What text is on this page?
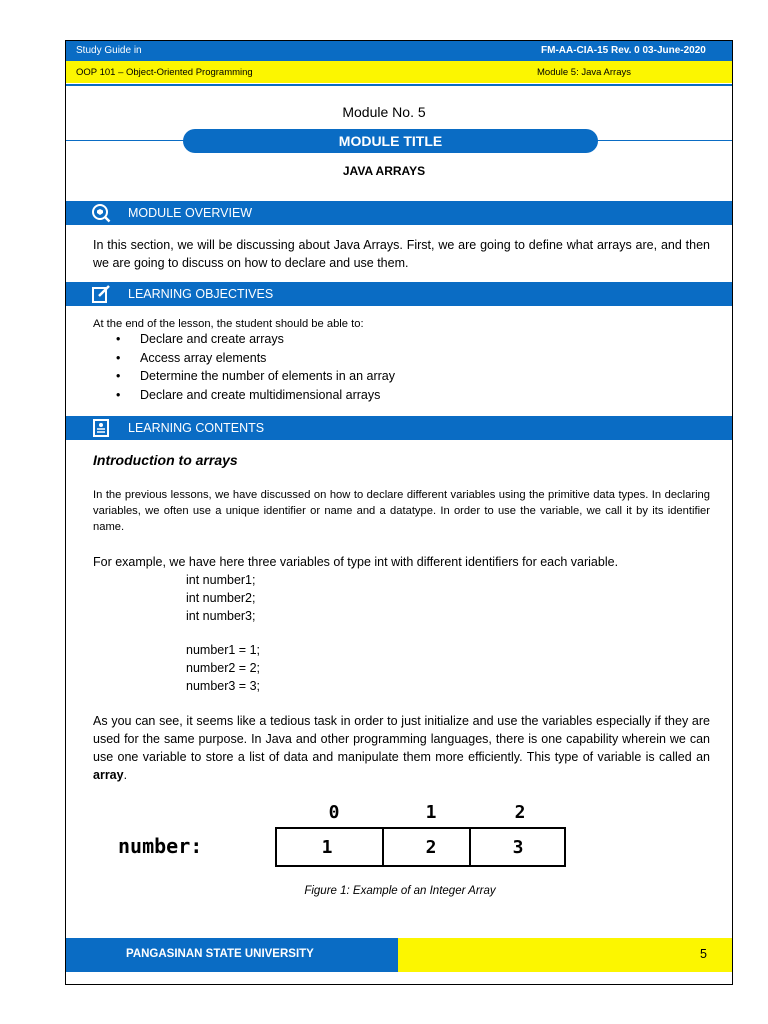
Study Guide in	FM-AA-CIA-15 Rev. 0 03-June-2020
OOP 101 – Object-Oriented Programming	Module 5: Java Arrays
Module No. 5
MODULE TITLE
JAVA ARRAYS
MODULE OVERVIEW
In this section, we will be discussing about Java Arrays. First, we are going to define what arrays are, and then we are going to discuss on how to declare and use them.
LEARNING OBJECTIVES
At the end of the lesson, the student should be able to:
• Declare and create arrays
• Access array elements
• Determine the number of elements in an array
• Declare and create multidimensional arrays
LEARNING CONTENTS
Introduction to arrays
In the previous lessons, we have discussed on how to declare different variables using the primitive data types. In declaring variables, we often use a unique identifier or name and a datatype. In order to use the variable, we call it by its identifier name.
For example, we have here three variables of type int with different identifiers for each variable.
int number1;
int number2;
int number3;
number1 = 1;
number2 = 2;
number3 = 3;
As you can see, it seems like a tedious task in order to just initialize and use the variables especially if they are used for the same purpose. In Java and other programming languages, there is one capability wherein we can use one variable to store a list of data and manipulate them more efficiently. This type of variable is called an array.
number:
0	1	2
1	2	3
Figure 1: Example of an Integer Array
PANGASINAN STATE UNIVERSITY	5
